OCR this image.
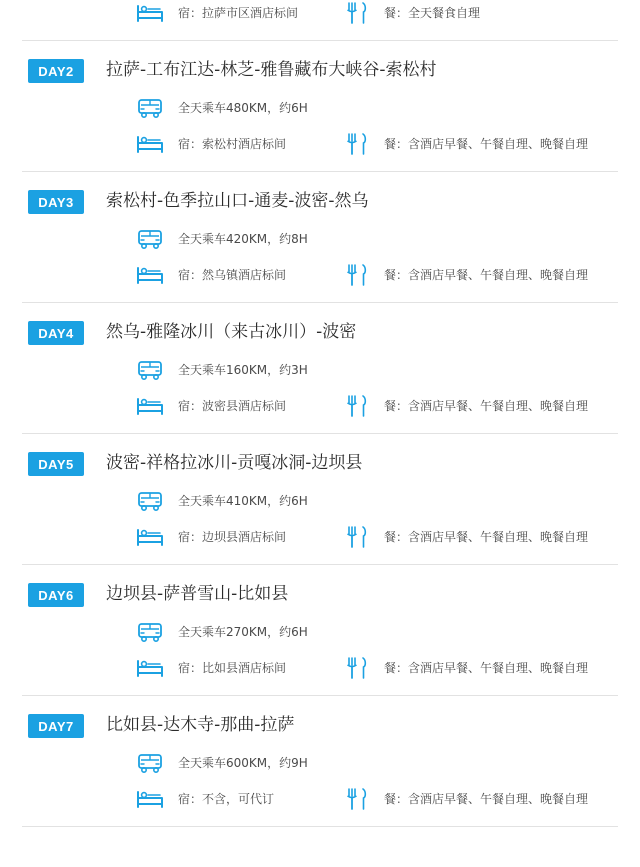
宿：拉萨市区酒店标间	餐：全天餐食自理
DAY2	拉萨-工布江达-林芝-雅鲁藏布大峡谷-索松村
全天乘车480KM，约6H
宿：索松村酒店标间	餐：含酒店早餐、午餐自理、晚餐自理
DAY3	索松村-色季拉山口-通麦-波密-然乌
全天乘车420KM，约8H
宿：然乌镇酒店标间	餐：含酒店早餐、午餐自理、晚餐自理
DAY4	然乌-雅隆冰川（来古冰川）-波密
全天乘车160KM，约3H
宿：波密县酒店标间	餐：含酒店早餐、午餐自理、晚餐自理
DAY5	波密-祥格拉冰川-贡嘎冰洞-边坝县
全天乘车410KM，约6H
宿：边坝县酒店标间	餐：含酒店早餐、午餐自理、晚餐自理
DAY6	边坝县-萨普雪山-比如县
全天乘车270KM，约6H
宿：比如县酒店标间	餐：含酒店早餐、午餐自理、晚餐自理
DAY7	比如县-达木寺-那曲-拉萨
全天乘车600KM，约9H
宿：不含，可代订	餐：含酒店早餐、午餐自理、晚餐自理
